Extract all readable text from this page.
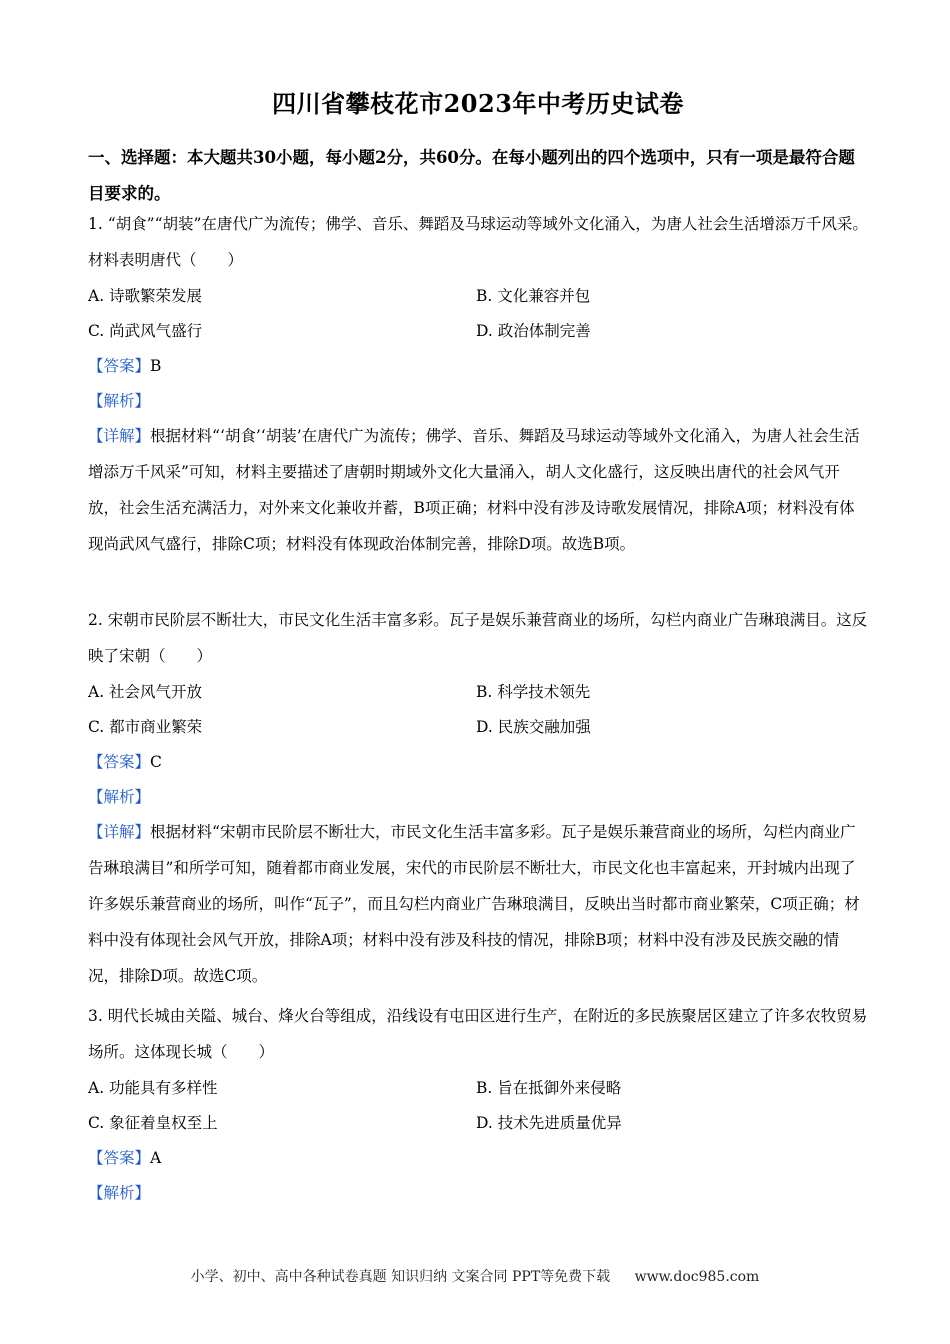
四川省攀枝花市2023年中考历史试卷
一、选择题：本大题共30小题，每小题2分，共60分。在每小题列出的四个选项中，只有一项是最符合题目要求的。
1. “胡食”“胡装”在唐代广为流传；佛学、音乐、舞蹈及马球运动等域外文化涌入，为唐人社会生活增添万千风采。材料表明唐代（　　）
A. 诗歌繁荣发展	B. 文化兼容并包
C. 尚武风气盛行	D. 政治体制完善
【答案】B
【解析】
【详解】根据材料“‘胡食’‘胡装’在唐代广为流传；佛学、音乐、舞蹈及马球运动等域外文化涌入，为唐人社会生活增添万千风采”可知，材料主要描述了唐朝时期域外文化大量涌入，胡人文化盛行，这反映出唐代的社会风气开放，社会生活充满活力，对外来文化兼收并蓄，B项正确；材料中没有涉及诗歌发展情况，排除A项；材料没有体现尚武风气盛行，排除C项；材料没有体现政治体制完善，排除D项。故选B项。
2. 宋朝市民阶层不断壮大，市民文化生活丰富多彩。瓦子是娱乐兼营商业的场所，勾栏内商业广告琳琅满目。这反映了宋朝（　　）
A. 社会风气开放	B. 科学技术领先
C. 都市商业繁荣	D. 民族交融加强
【答案】C
【解析】
【详解】根据材料“宋朝市民阶层不断壮大，市民文化生活丰富多彩。瓦子是娱乐兼营商业的场所，勾栏内商业广告琳琅满目”和所学可知，随着都市商业发展，宋代的市民阶层不断壮大，市民文化也丰富起来，开封城内出现了许多娱乐兼营商业的场所，叫作“瓦子”，而且勾栏内商业广告琳琅满目，反映出当时都市商业繁荣，C项正确；材料中没有体现社会风气开放，排除A项；材料中没有涉及科技的情况，排除B项；材料中没有涉及民族交融的情况，排除D项。故选C项。
3. 明代长城由关隘、城台、烽火台等组成，沿线设有屯田区进行生产，在附近的多民族聚居区建立了许多农牧贸易场所。这体现长城（　　）
A. 功能具有多样性	B. 旨在抵御外来侵略
C. 象征着皇权至上	D. 技术先进质量优异
【答案】A
【解析】
小学、初中、高中各种试卷真题 知识归纳 文案合同 PPT等免费下载 www.doc985.com
